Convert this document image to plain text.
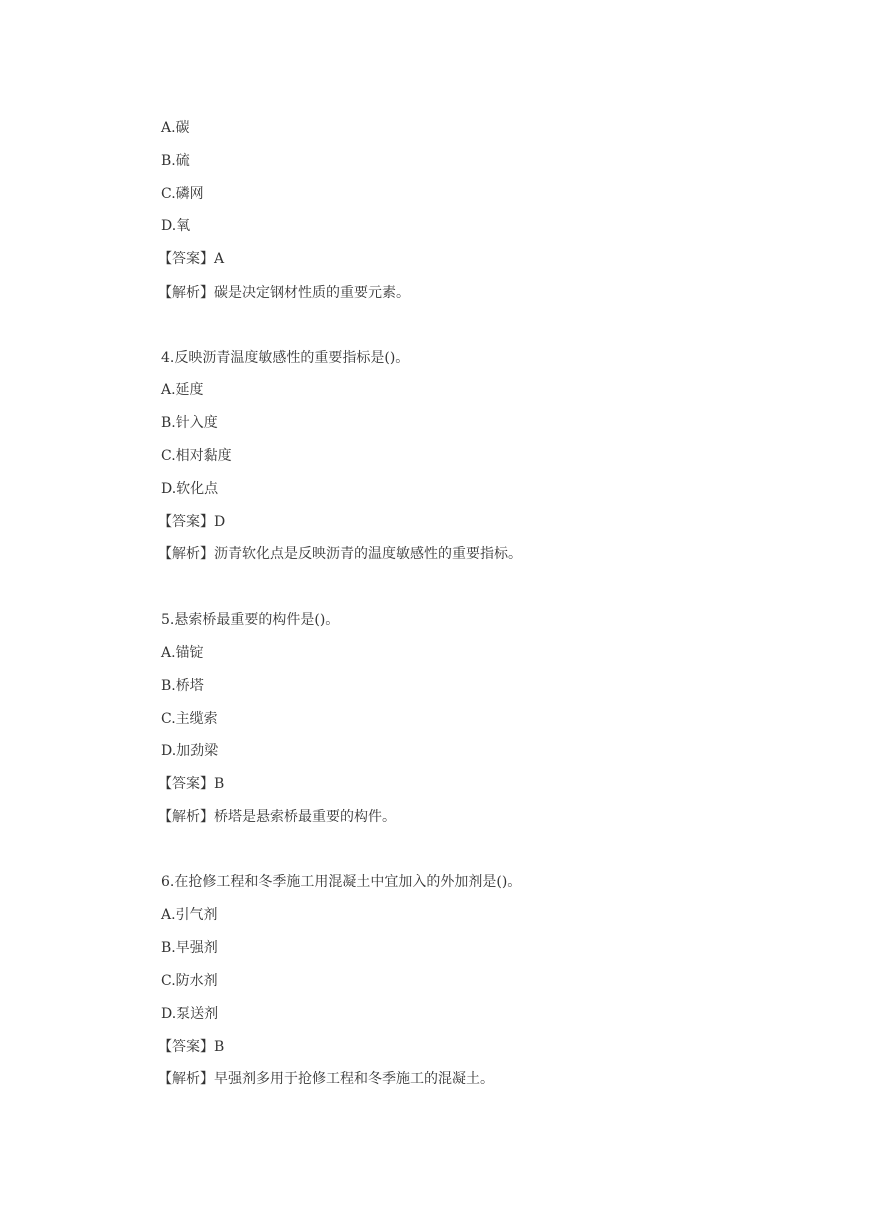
A.碳
B.硫
C.磷网
D.氧
【答案】A
【解析】碳是决定钢材性质的重要元素。
4.反映沥青温度敏感性的重要指标是()。
A.延度
B.针入度
C.相对黏度
D.软化点
【答案】D
【解析】沥青软化点是反映沥青的温度敏感性的重要指标。
5.悬索桥最重要的构件是()。
A.锚锭
B.桥塔
C.主缆索
D.加劲梁
【答案】B
【解析】桥塔是悬索桥最重要的构件。
6.在抢修工程和冬季施工用混凝土中宜加入的外加剂是()。
A.引气剂
B.早强剂
C.防水剂
D.泵送剂
【答案】B
【解析】早强剂多用于抢修工程和冬季施工的混凝土。
